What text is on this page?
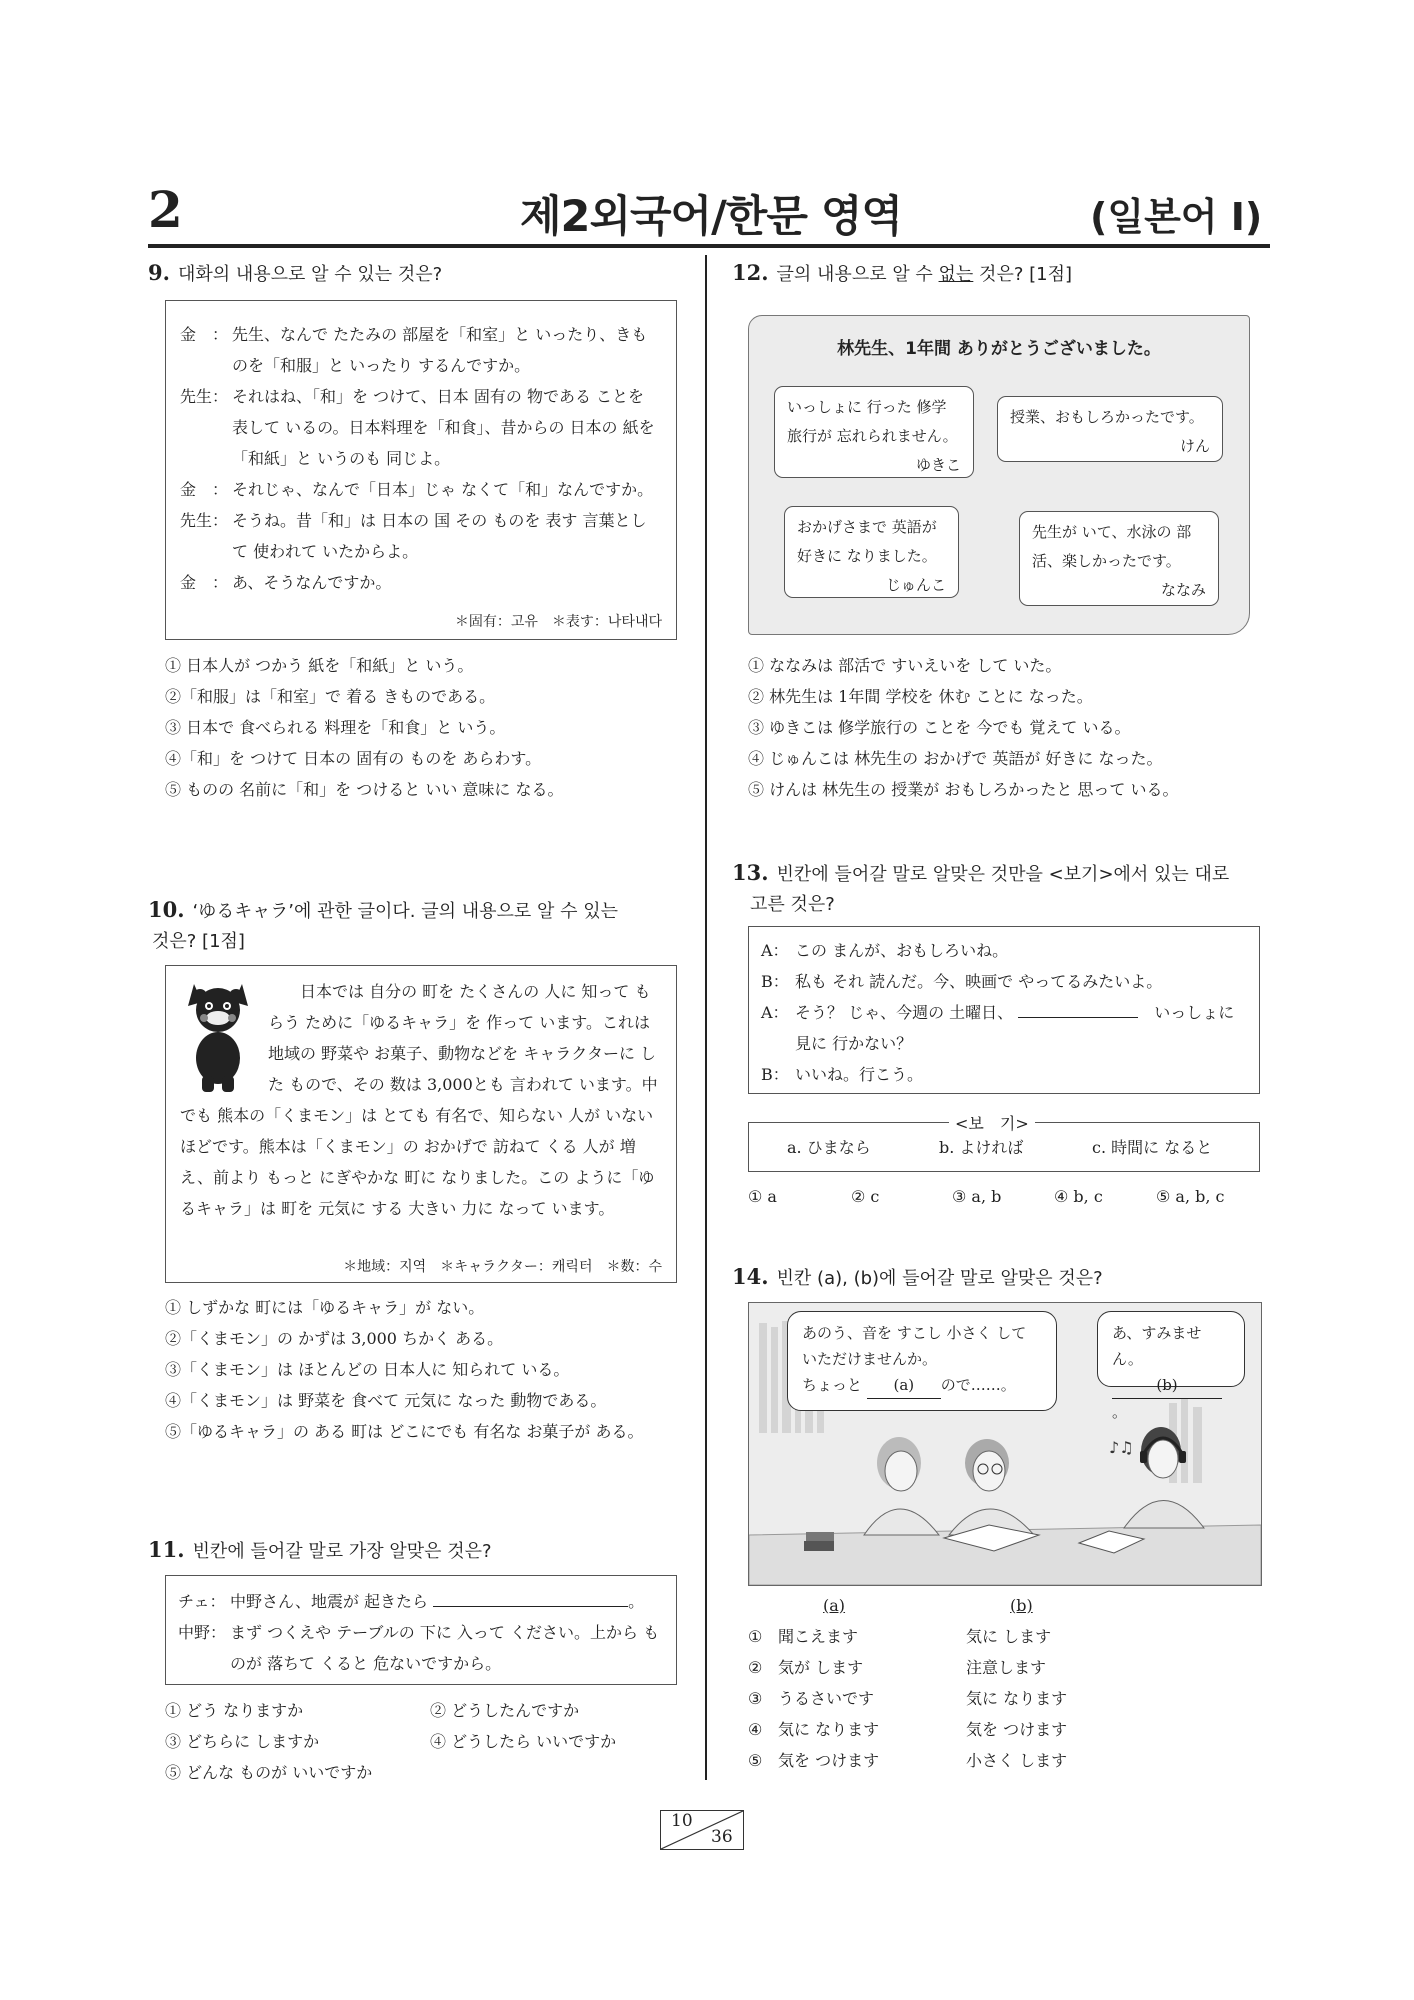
2	제2외국어/한문 영역	(일본어 I)
9. 대화의 내용으로 알 수 있는 것은?
金　： 先生、なんで たたみの 部屋を「和室」と いったり、きものを「和服」と いったり するんですか。
先生： それはね、「和」を つけて、日本 固有の 物である ことを 表して いるの。日本料理を「和食」、昔からの 日本の 紙を「和紙」と いうのも 同じよ。
金　： それじゃ、なんで「日本」じゃ なくて「和」なんですか。
先生： そうね。昔「和」は 日本の 国 その ものを 表す 言葉として 使われて いたからよ。
金　： あ、そうなんですか。
＊固有：고유　＊表す：나타내다
① 日本人が つかう 紙を「和紙」と いう。
②「和服」は「和室」で 着る きものである。
③ 日本で 食べられる 料理を「和食」と いう。
④「和」を つけて 日本の 固有の ものを あらわす。
⑤ ものの 名前に「和」を つけると いい 意味に なる。
10. ‘ゆるキャラ’에 관한 글이다. 글의 내용으로 알 수 있는
것은? [1점]
日本では 自分の 町を たくさんの 人に 知って もらう ために「ゆるキャラ」を 作って います。これは 地域の 野菜や お菓子、動物などを キャラクターに した もので、その 数は 3,000とも 言われて います。中でも 熊本の「くまモン」は とても 有名で、知らない 人が いないほどです。熊本は「くまモン」の おかげで 訪ねて くる 人が 増え、前より もっと にぎやかな 町に なりました。この ように「ゆるキャラ」は 町を 元気に する 大きい 力に なって います。
＊地域：지역　＊キャラクター：캐릭터　＊数：수
① しずかな 町には「ゆるキャラ」が ない。
②「くまモン」の かずは 3,000 ちかく ある。
③「くまモン」は ほとんどの 日本人に 知られて いる。
④「くまモン」は 野菜を 食べて 元気に なった 動物である。
⑤「ゆるキャラ」の ある 町は どこにでも 有名な お菓子が ある。
11. 빈칸에 들어갈 말로 가장 알맞은 것은?
チェ： 中野さん、地震が 起きたら	。
中野： まず つくえや テーブルの 下に 入って ください。上から ものが 落ちて くると 危ないですから。
① どう なりますか	② どうしたんですか
③ どちらに しますか	④ どうしたら いいですか
⑤ どんな ものが いいですか
12. 글의 내용으로 알 수 없는 것은? [1점]
林先生、1年間 ありがとうございました。
いっしょに 行った 修学旅行が 忘れられません。
ゆきこ
授業、おもしろかったです。
けん
おかげさまで 英語が 好きに なりました。
じゅんこ
先生が いて、水泳の 部活、楽しかったです。
ななみ
① ななみは 部活で すいえいを して いた。
② 林先生は 1年間 学校を 休む ことに なった。
③ ゆきこは 修学旅行の ことを 今でも 覚えて いる。
④ じゅんこは 林先生の おかげで 英語が 好きに なった。
⑤ けんは 林先生の 授業が おもしろかったと 思って いる。
13. 빈칸에 들어갈 말로 알맞은 것만을 <보기>에서 있는 대로
고른 것은?
A： この まんが、おもしろいね。
B： 私も それ 読んだ。今、映画で やってるみたいよ。
A： そう？ じゃ、今週の 土曜日、 　	いっしょに 見に 行かない？
B： いいね。行こう。
<보　기>
a. ひまなら	b. よければ	c. 時間に なると
① a	② c	③ a, b	④ b, c	⑤ a, b, c
14. 빈칸 (a), (b)에 들어갈 말로 알맞은 것은?
♪♫
あのう、音を すこし 小さく して
いただけませんか。
ちょっと (a) ので……。
あ、すみません。
(b)。
(a)	(b)
① 聞こえます	気に します
② 気が します	注意します
③ うるさいです	気に なります
④ 気に なります	気を つけます
⑤ 気を つけます	小さく します
10
36
